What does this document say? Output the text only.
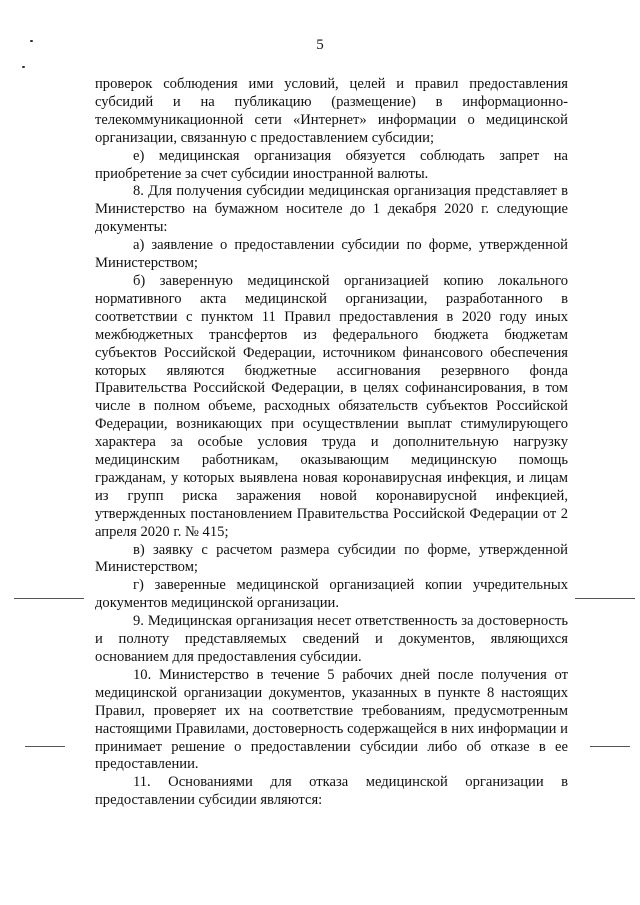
5

проверок соблюдения ими условий, целей и правил предоставления субсидий и на публикацию (размещение) в информационно-телекоммуникационной сети «Интернет» информации о медицинской организации, связанную с предоставлением субсидии;

е) медицинская организация обязуется соблюдать запрет на приобретение за счет субсидии иностранной валюты.

8. Для получения субсидии медицинская организация представляет в Министерство на бумажном носителе до 1 декабря 2020 г. следующие документы:

а) заявление о предоставлении субсидии по форме, утвержденной Министерством;

б) заверенную медицинской организацией копию локального нормативного акта медицинской организации, разработанного в соответствии с пунктом 11 Правил предоставления в 2020 году иных межбюджетных трансфертов из федерального бюджета бюджетам субъектов Российской Федерации, источником финансового обеспечения которых являются бюджетные ассигнования резервного фонда Правительства Российской Федерации, в целях софинансирования, в том числе в полном объеме, расходных обязательств субъектов Российской Федерации, возникающих при осуществлении выплат стимулирующего характера за особые условия труда и дополнительную нагрузку медицинским работникам, оказывающим медицинскую помощь гражданам, у которых выявлена новая коронавирусная инфекция, и лицам из групп риска заражения новой коронавирусной инфекцией, утвержденных постановлением Правительства Российской Федерации от 2 апреля 2020 г. № 415;

в) заявку с расчетом размера субсидии по форме, утвержденной Министерством;

г) заверенные медицинской организацией копии учредительных документов медицинской организации.

9. Медицинская организация несет ответственность за достоверность и полноту представляемых сведений и документов, являющихся основанием для предоставления субсидии.

10. Министерство в течение 5 рабочих дней после получения от медицинской организации документов, указанных в пункте 8 настоящих Правил, проверяет их на соответствие требованиям, предусмотренным настоящими Правилами, достоверность содержащейся в них информации и принимает решение о предоставлении субсидии либо об отказе в ее предоставлении.

11. Основаниями для отказа медицинской организации в предоставлении субсидии являются:
